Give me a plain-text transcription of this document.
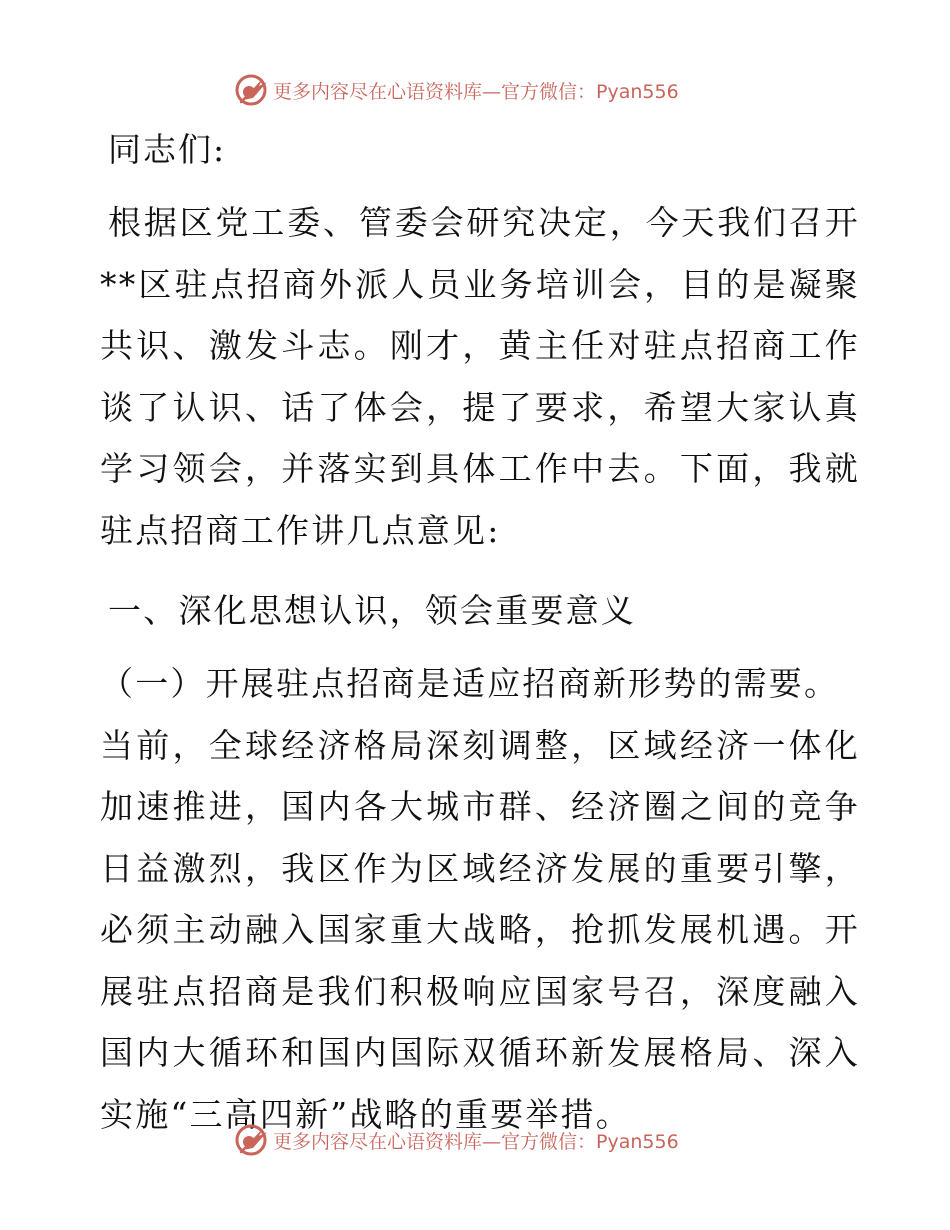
更多内容尽在心语资料库—官方微信：Pyan556
同志们:

根据区党工委、管委会研究决定，今天我们召开**区驻点招商外派人员业务培训会，目的是凝聚共识、激发斗志。刚才，黄主任对驻点招商工作谈了认识、话了体会，提了要求，希望大家认真学习领会，并落实到具体工作中去。下面，我就驻点招商工作讲几点意见:

一、深化思想认识，领会重要意义

（一）开展驻点招商是适应招商新形势的需要。

当前，全球经济格局深刻调整，区域经济一体化加速推进，国内各大城市群、经济圈之间的竞争日益激烈，我区作为区域经济发展的重要引擎，必须主动融入国家重大战略，抢抓发展机遇。开展驻点招商是我们积极响应国家号召，深度融入国内大循环和国内国际双循环新发展格局、深入实施“三高四新”战略的重要举措。

更多内容尽在心语资料库—官方微信：Pyan556
